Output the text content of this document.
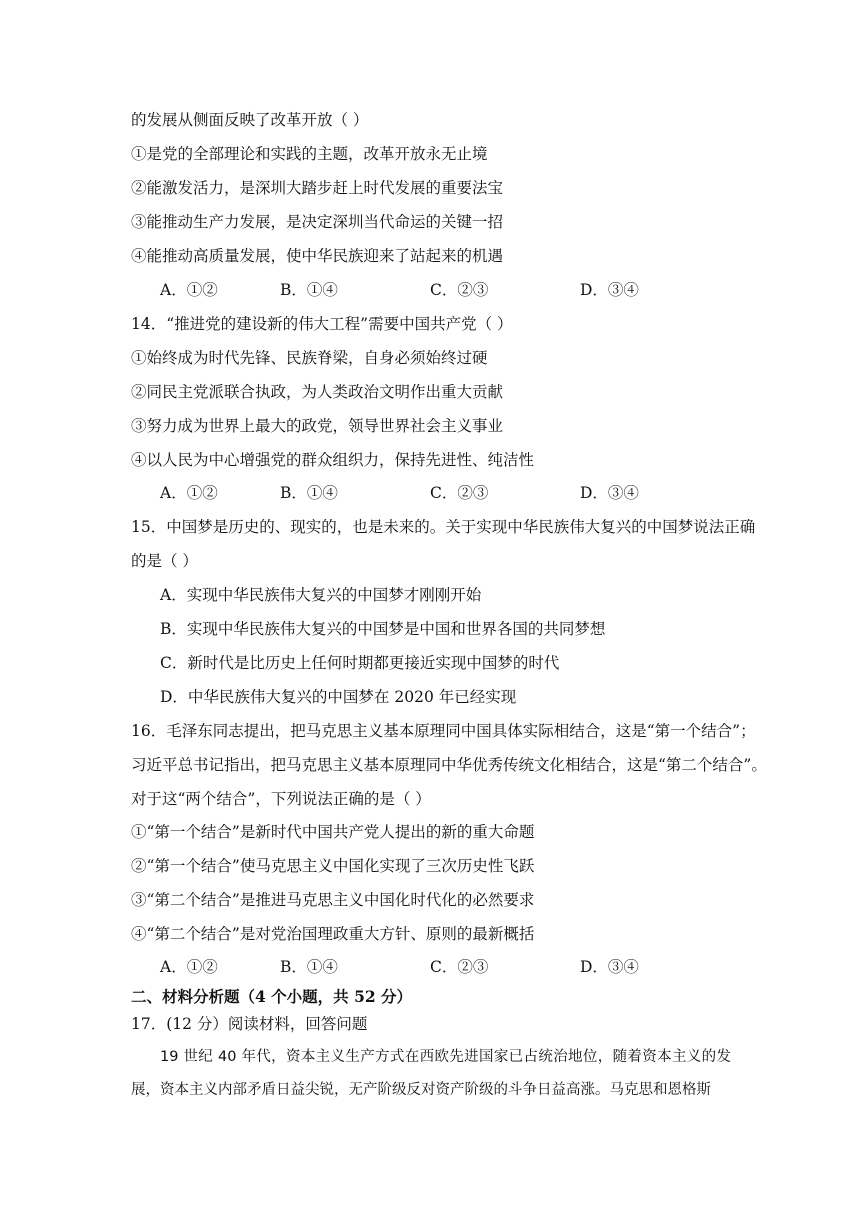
的发展从侧面反映了改革开放（ ）
①是党的全部理论和实践的主题，改革开放永无止境
②能激发活力，是深圳大踏步赶上时代发展的重要法宝
③能推动生产力发展，是决定深圳当代命运的关键一招
④能推动高质量发展，使中华民族迎来了站起来的机遇
A．①②	B．①④	C．②③	D．③④
14．“推进党的建设新的伟大工程”需要中国共产党（ ）
①始终成为时代先锋、民族脊梁，自身必须始终过硬
②同民主党派联合执政，为人类政治文明作出重大贡献
③努力成为世界上最大的政党，领导世界社会主义事业
④以人民为中心增强党的群众组织力，保持先进性、纯洁性
A．①②	B．①④	C．②③	D．③④
15．中国梦是历史的、现实的，也是未来的。关于实现中华民族伟大复兴的中国梦说法正确
的是（ ）
A．实现中华民族伟大复兴的中国梦才刚刚开始
B．实现中华民族伟大复兴的中国梦是中国和世界各国的共同梦想
C．新时代是比历史上任何时期都更接近实现中国梦的时代
D．中华民族伟大复兴的中国梦在 2020 年已经实现
16．毛泽东同志提出，把马克思主义基本原理同中国具体实际相结合，这是“第一个结合”；
习近平总书记指出，把马克思主义基本原理同中华优秀传统文化相结合，这是“第二个结合”。
对于这“两个结合”，下列说法正确的是（ ）
①“第一个结合”是新时代中国共产党人提出的新的重大命题
②“第一个结合”使马克思主义中国化实现了三次历史性飞跃
③“第二个结合”是推进马克思主义中国化时代化的必然要求
④“第二个结合”是对党治国理政重大方针、原则的最新概括
A．①②	B．①④	C．②③	D．③④
二、材料分析题（4 个小题，共 52 分）
17．(12 分）阅读材料，回答问题
19 世纪 40 年代，资本主义生产方式在西欧先进国家已占统治地位，随着资本主义的发展，资本主义内部矛盾日益尖锐，无产阶级反对资产阶级的斗争日益高涨。马克思和恩格斯
